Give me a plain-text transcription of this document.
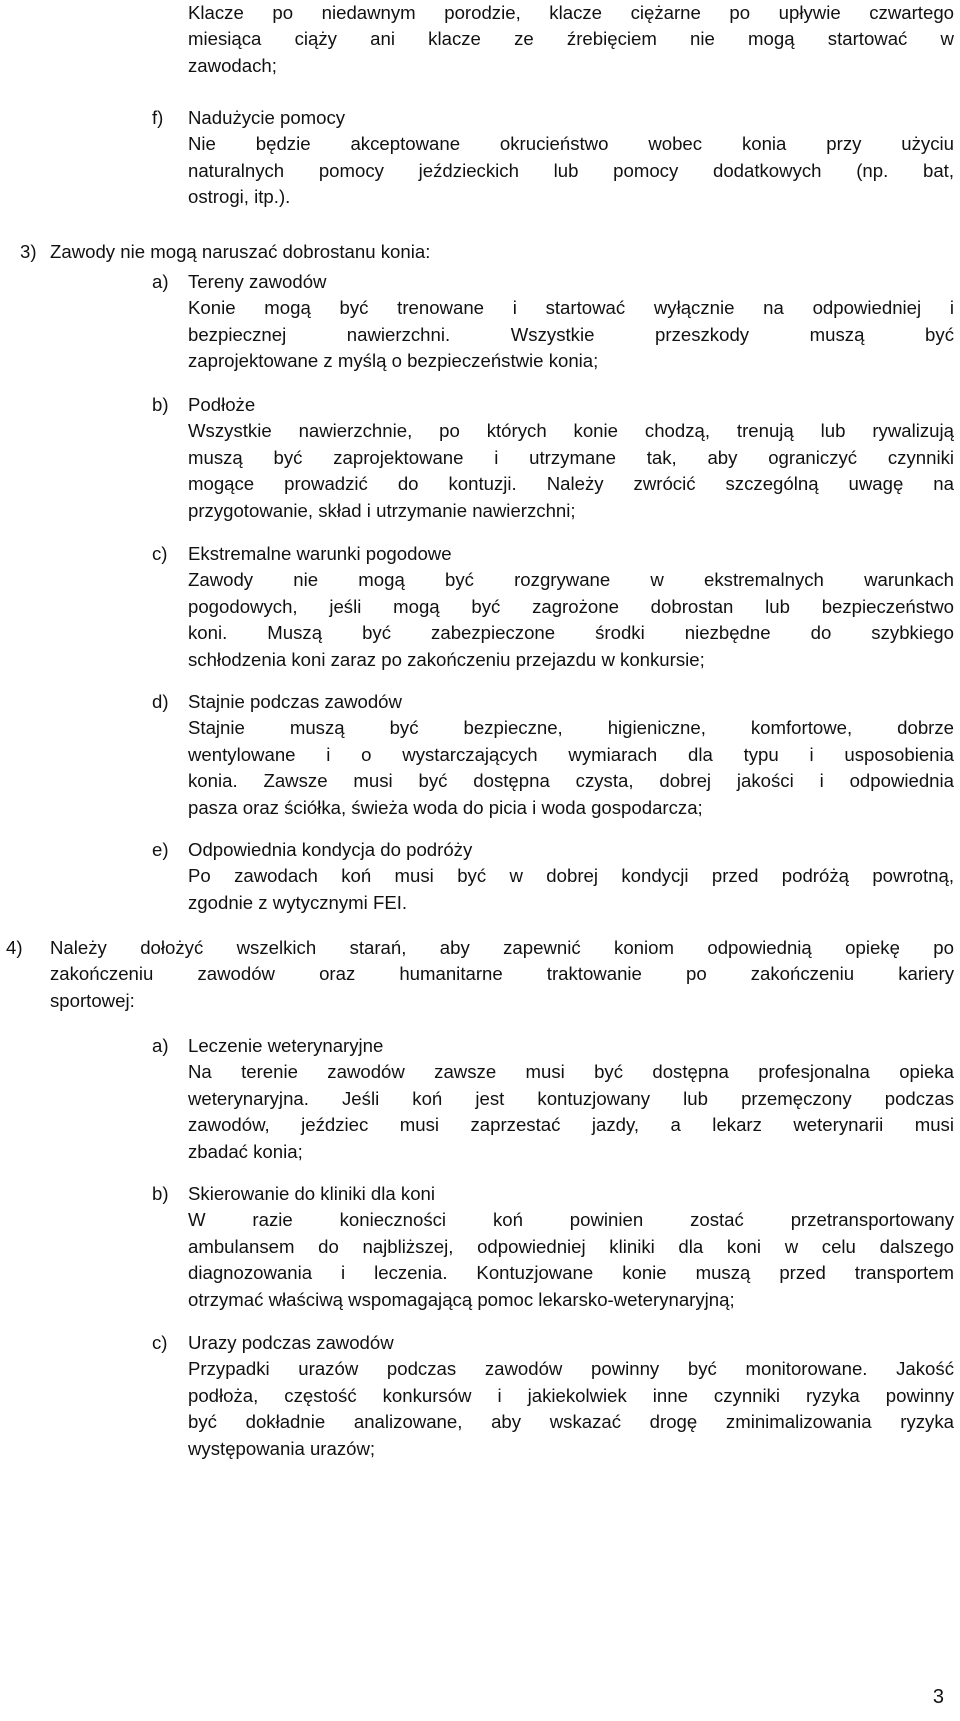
Klacze po niedawnym porodzie, klacze ciężarne po upływie czwartego
miesiąca ciąży ani klacze ze źrebięciem nie mogą startować w
zawodach;
f) Nadużycie pomocy
Nie będzie akceptowane okrucieństwo wobec konia przy użyciu
naturalnych pomocy jeździeckich lub pomocy dodatkowych (np. bat,
ostrogi, itp.).
3) Zawody nie mogą naruszać dobrostanu konia:
a) Tereny zawodów
Konie mogą być trenowane i startować wyłącznie na odpowiedniej i
bezpiecznej nawierzchni. Wszystkie przeszkody muszą być
zaprojektowane z myślą o bezpieczeństwie konia;
b) Podłoże
Wszystkie nawierzchnie, po których konie chodzą, trenują lub rywalizują
muszą być zaprojektowane i utrzymane tak, aby ograniczyć czynniki
mogące prowadzić do kontuzji. Należy zwrócić szczególną uwagę na
przygotowanie, skład i utrzymanie nawierzchni;
c) Ekstremalne warunki pogodowe
Zawody nie mogą być rozgrywane w ekstremalnych warunkach
pogodowych, jeśli mogą być zagrożone dobrostan lub bezpieczeństwo
koni. Muszą być zabezpieczone środki niezbędne do szybkiego
schłodzenia koni zaraz po zakończeniu przejazdu w konkursie;
d) Stajnie podczas zawodów
Stajnie muszą być bezpieczne, higieniczne, komfortowe, dobrze
wentylowane i o wystarczających wymiarach dla typu i usposobienia
konia. Zawsze musi być dostępna czysta, dobrej jakości i odpowiednia
pasza oraz ściółka, świeża woda do picia i woda gospodarcza;
e) Odpowiednia kondycja do podróży
Po zawodach koń musi być w dobrej kondycji przed podróżą powrotną,
zgodnie z wytycznymi FEI.
4) Należy dołożyć wszelkich starań, aby zapewnić koniom odpowiednią opiekę po
zakończeniu zawodów oraz humanitarne traktowanie po zakończeniu kariery
sportowej:
a) Leczenie weterynaryjne
Na terenie zawodów zawsze musi być dostępna profesjonalna opieka
weterynaryjna. Jeśli koń jest kontuzjowany lub przemęczony podczas
zawodów, jeździec musi zaprzestać jazdy, a lekarz weterynarii musi
zbadać konia;
b) Skierowanie do kliniki dla koni
W razie konieczności koń powinien zostać przetransportowany
ambulansem do najbliższej, odpowiedniej kliniki dla koni w celu dalszego
diagnozowania i leczenia. Kontuzjowane konie muszą przed transportem
otrzymać właściwą wspomagającą pomoc lekarsko-weterynaryjną;
c) Urazy podczas zawodów
Przypadki urazów podczas zawodów powinny być monitorowane. Jakość
podłoża, częstość konkursów i jakiekolwiek inne czynniki ryzyka powinny
być dokładnie analizowane, aby wskazać drogę zminimalizowania ryzyka
występowania urazów;
3
